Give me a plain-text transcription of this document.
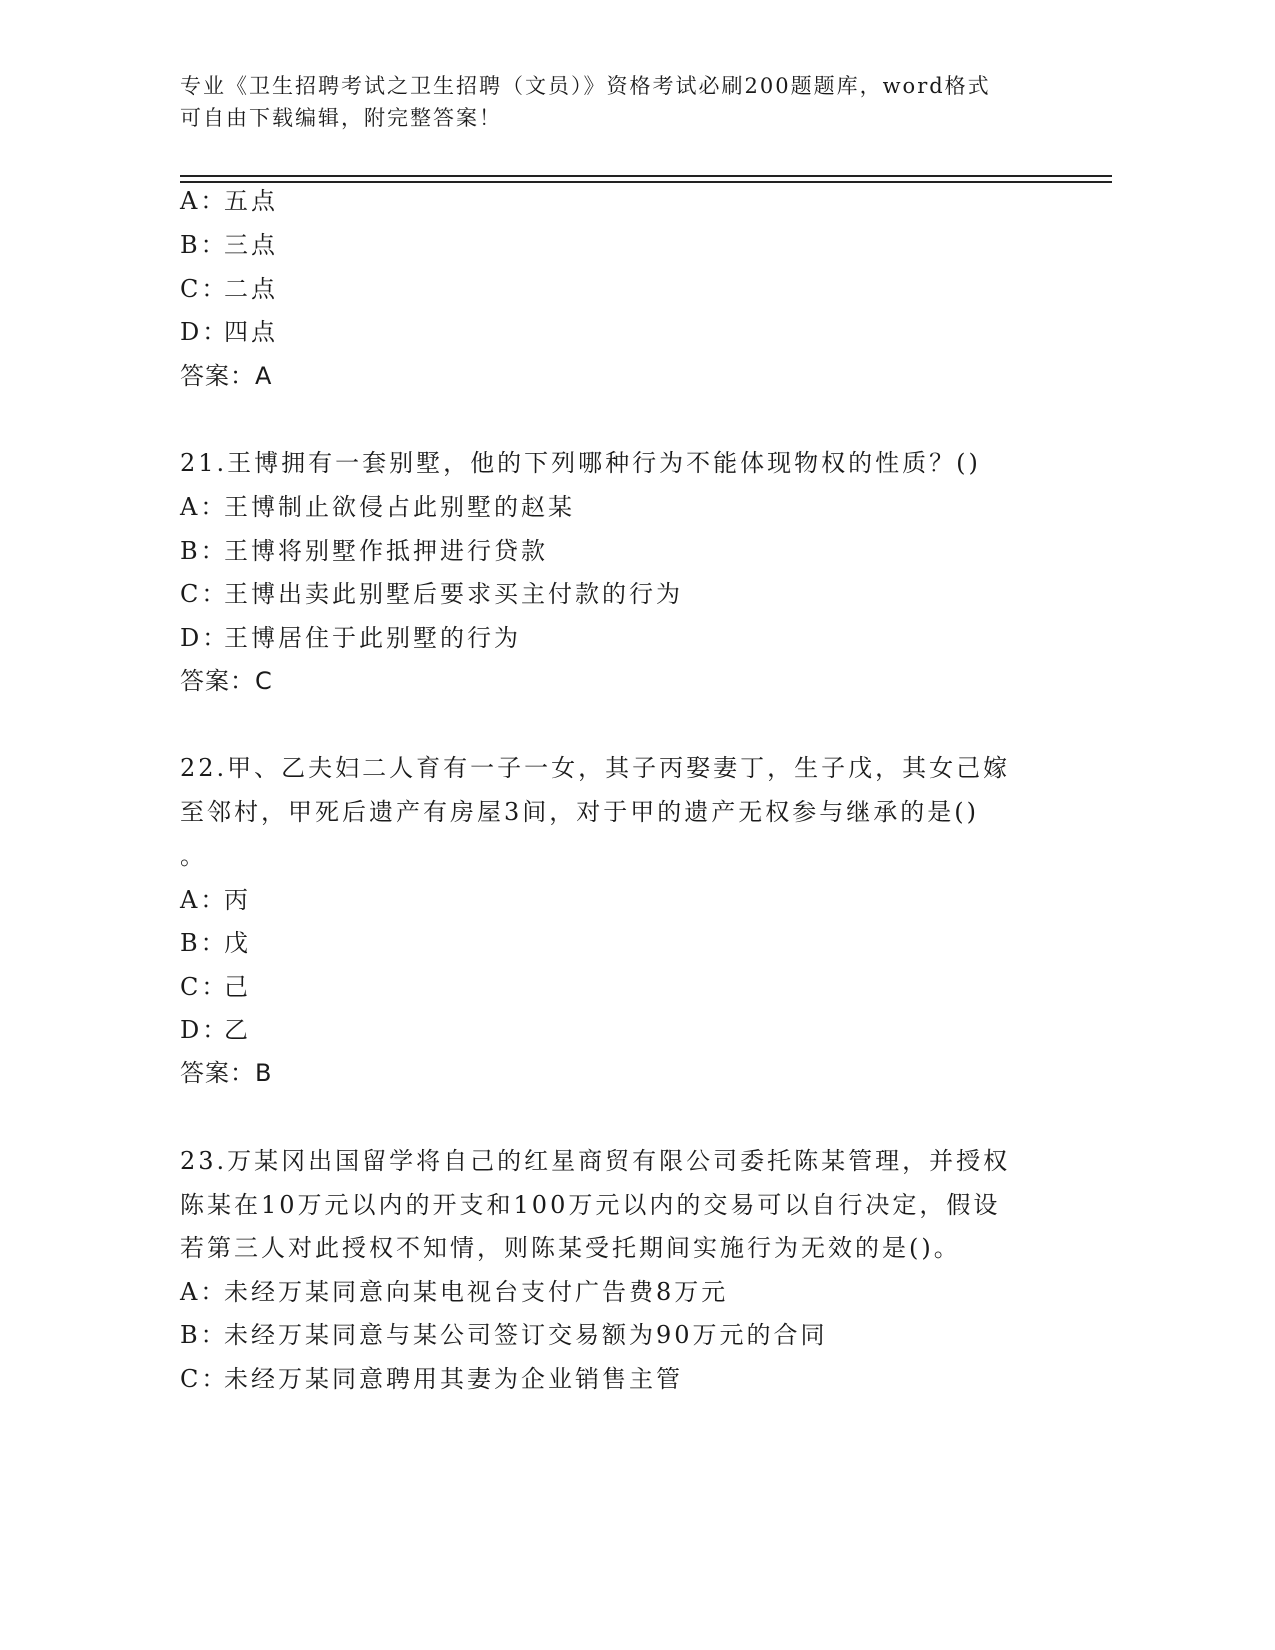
专业《卫生招聘考试之卫生招聘（文员）》资格考试必刷200题题库，word格式
可自由下载编辑，附完整答案！
A：五点
B：三点
C：二点
D：四点
答案：A
21.王博拥有一套别墅，他的下列哪种行为不能体现物权的性质？()
A：王博制止欲侵占此别墅的赵某
B：王博将别墅作抵押进行贷款
C：王博出卖此别墅后要求买主付款的行为
D：王博居住于此别墅的行为
答案：C
22.甲、乙夫妇二人育有一子一女，其子丙娶妻丁，生子戊，其女己嫁
至邻村，甲死后遗产有房屋3间，对于甲的遗产无权参与继承的是()
。
A：丙
B：戊
C：己
D：乙
答案：B
23.万某冈出国留学将自己的红星商贸有限公司委托陈某管理，并授权
陈某在10万元以内的开支和100万元以内的交易可以自行决定，假设
若第三人对此授权不知情，则陈某受托期间实施行为无效的是()。
A：未经万某同意向某电视台支付广告费8万元
B：未经万某同意与某公司签订交易额为90万元的合同
C：未经万某同意聘用其妻为企业销售主管
